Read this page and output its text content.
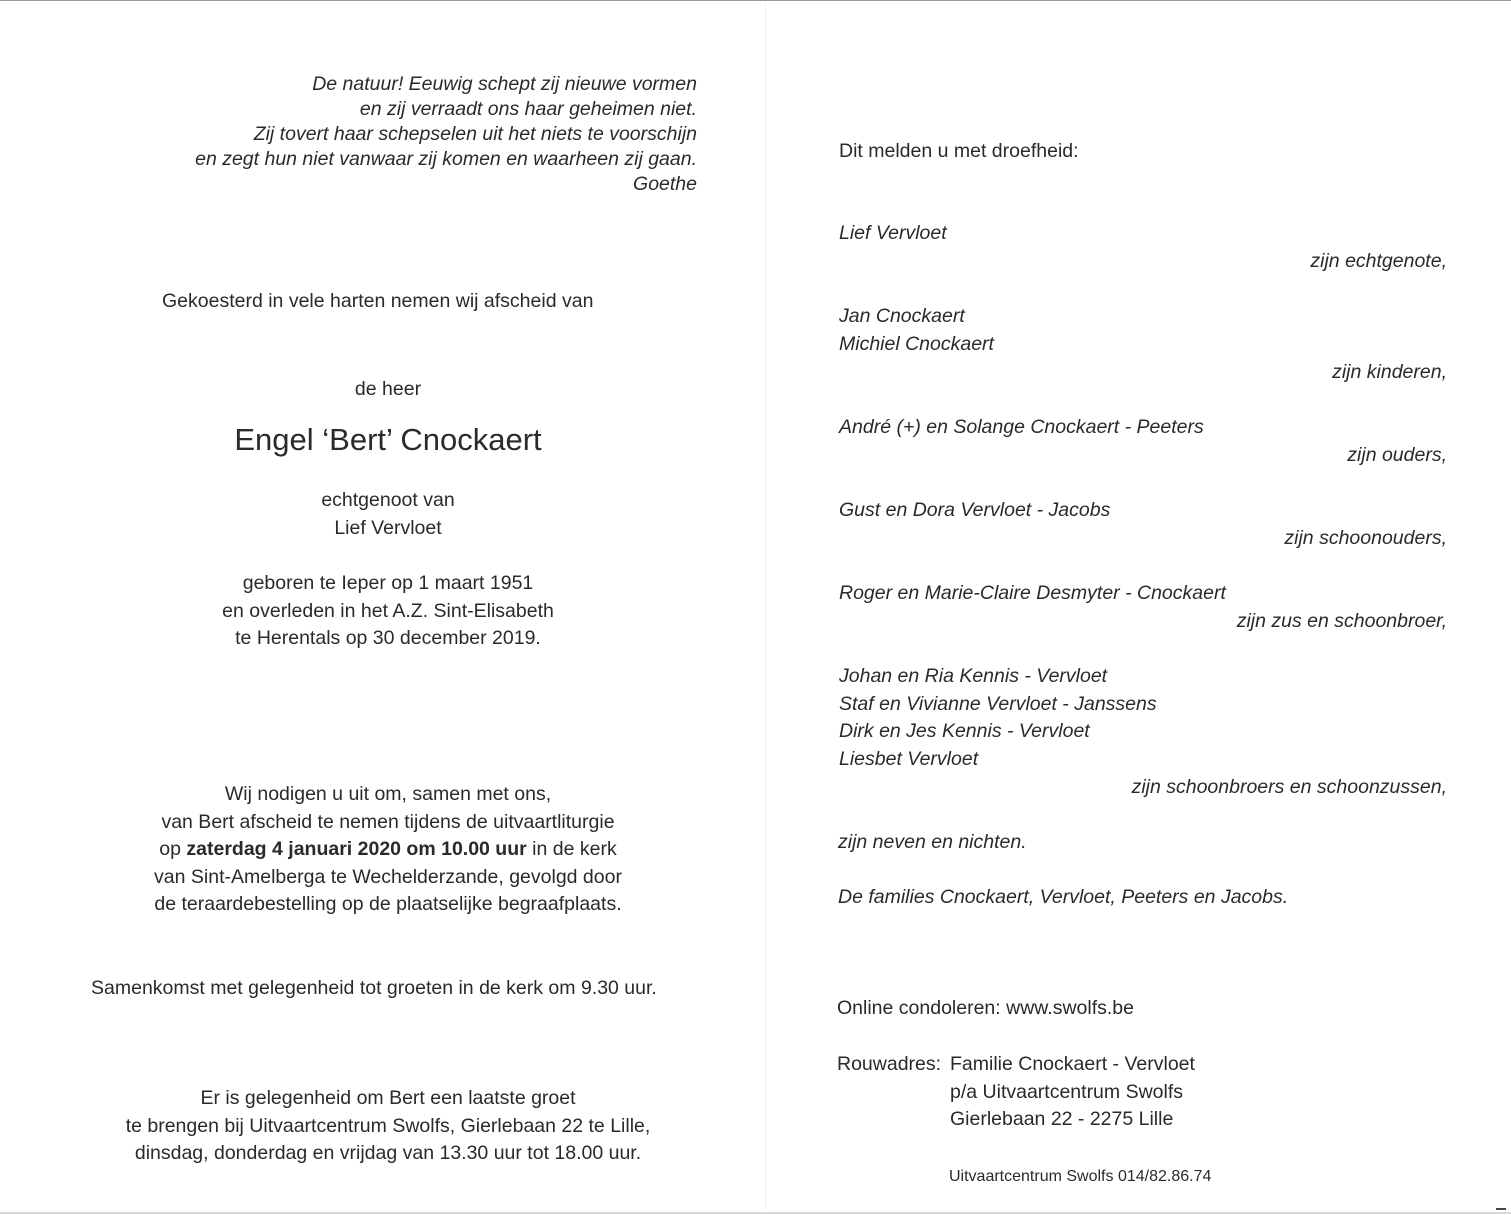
De natuur! Eeuwig schept zij nieuwe vormen
en zij verraadt ons haar geheimen niet.
Zij tovert haar schepselen uit het niets te voorschijn
en zegt hun niet vanwaar zij komen en waarheen zij gaan.
Goethe
Gekoesterd in vele harten nemen wij afscheid van
de heer
Engel ‘Bert’ Cnockaert
echtgenoot van
Lief Vervloet
geboren te Ieper op 1 maart 1951
en overleden in het A.Z. Sint-Elisabeth
te Herentals op 30 december 2019.
Wij nodigen u uit om, samen met ons,
van Bert afscheid te nemen tijdens de uitvaartliturgie
op zaterdag 4 januari 2020 om 10.00 uur in de kerk
van Sint-Amelberga te Wechelderzande, gevolgd door
de teraardebestelling op de plaatselijke begraafplaats.
Samenkomst met gelegenheid tot groeten in de kerk om 9.30 uur.
Er is gelegenheid om Bert een laatste groet
te brengen bij Uitvaartcentrum Swolfs, Gierlebaan 22 te Lille,
dinsdag, donderdag en vrijdag van 13.30 uur tot 18.00 uur.
Dit melden u met droefheid:
Lief Vervloet
zijn echtgenote,
Jan Cnockaert
Michiel Cnockaert
zijn kinderen,
André (+) en Solange Cnockaert - Peeters
zijn ouders,
Gust en Dora Vervloet - Jacobs
zijn schoonouders,
Roger en Marie-Claire Desmyter - Cnockaert
zijn zus en schoonbroer,
Johan en Ria Kennis - Vervloet
Staf en Vivianne Vervloet - Janssens
Dirk en Jes Kennis - Vervloet
Liesbet Vervloet
zijn schoonbroers en schoonzussen,
zijn neven en nichten.
De families Cnockaert, Vervloet, Peeters en Jacobs.
Online condoleren: www.swolfs.be
Rouwadres: Familie Cnockaert - Vervloet
p/a Uitvaartcentrum Swolfs
Gierlebaan 22 - 2275 Lille
Uitvaartcentrum Swolfs 014/82.86.74
